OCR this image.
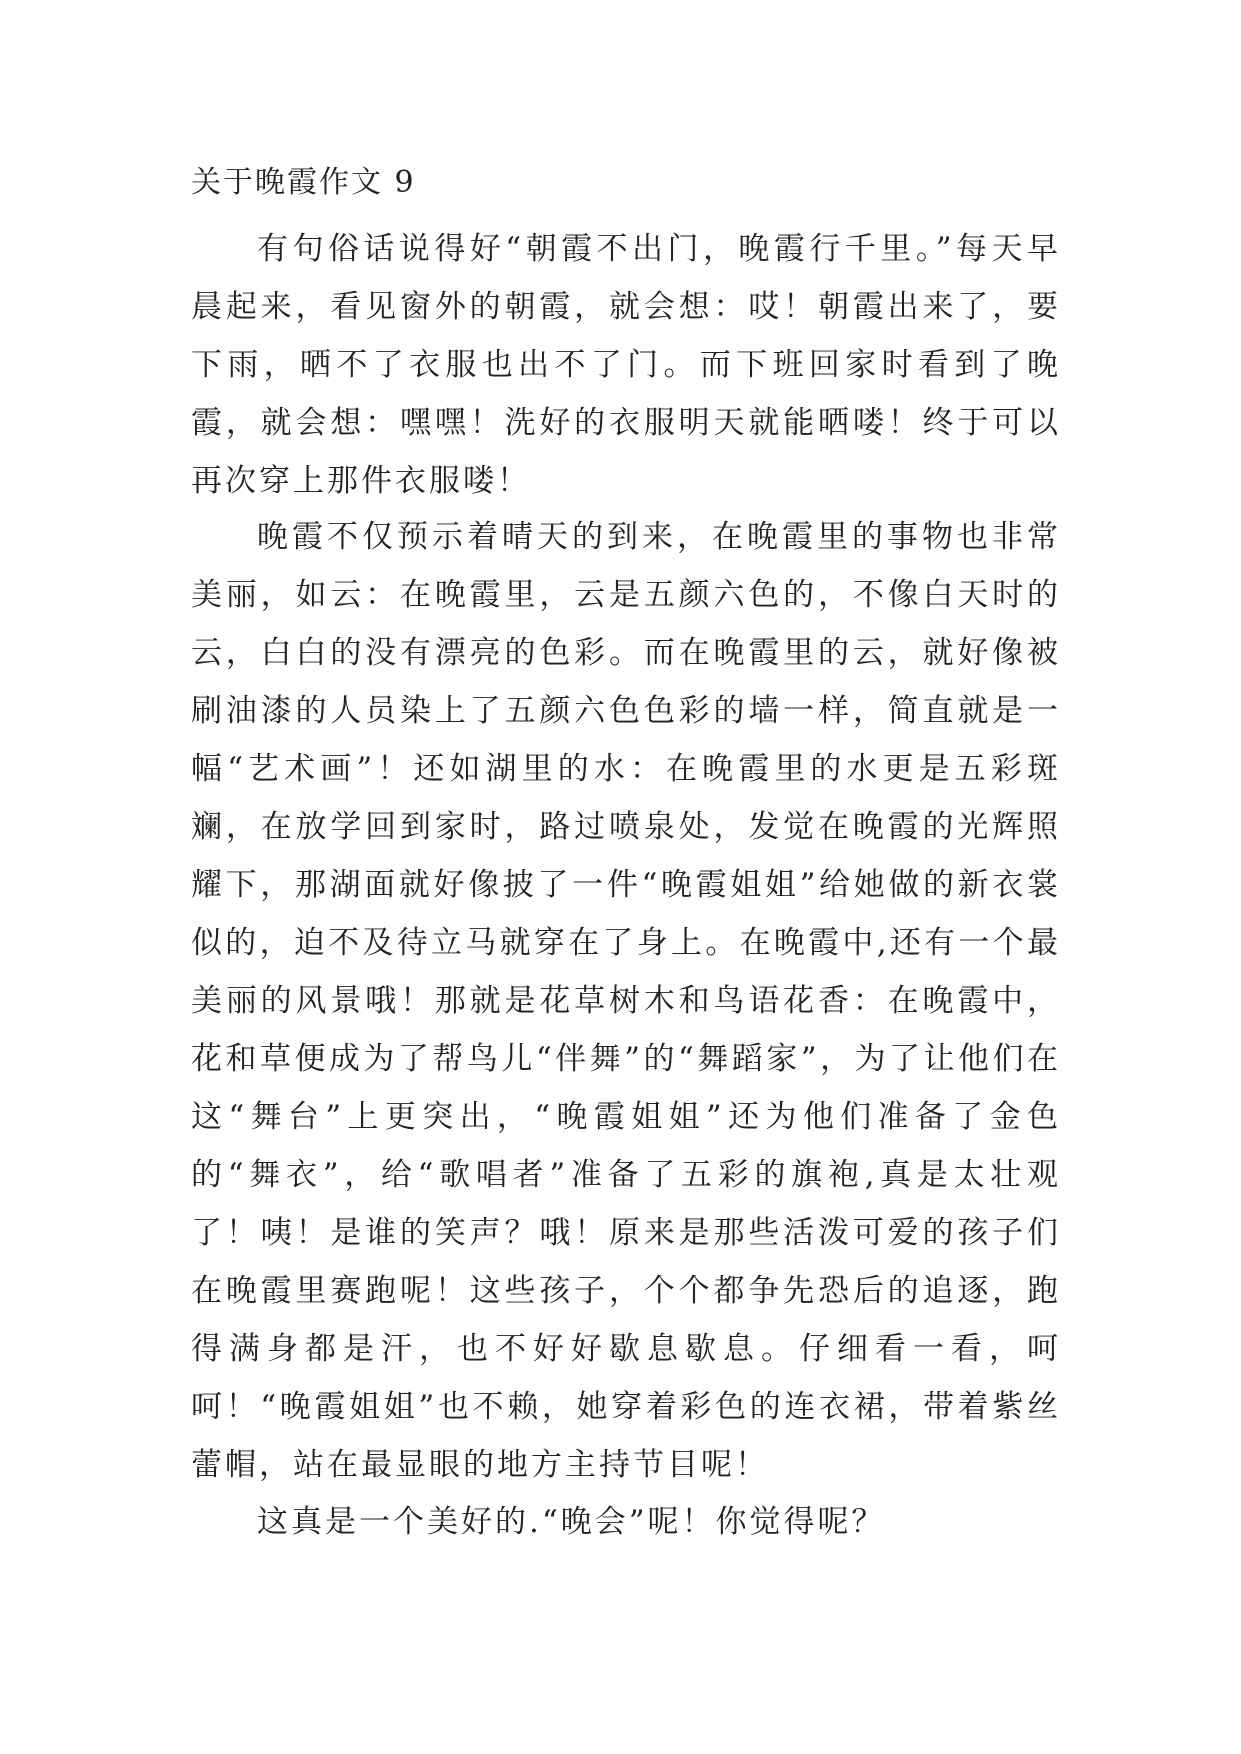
关于晚霞作文 9

有句俗话说得好“朝霞不出门，晚霞行千里。”每天早晨起来，看见窗外的朝霞，就会想：哎！朝霞出来了，要下雨，晒不了衣服也出不了门。而下班回家时看到了晚霞，就会想：嘿嘿！洗好的衣服明天就能晒喽！终于可以再次穿上那件衣服喽！

晚霞不仅预示着晴天的到来，在晚霞里的事物也非常美丽，如云：在晚霞里，云是五颜六色的，不像白天时的云，白白的没有漂亮的色彩。而在晚霞里的云，就好像被刷油漆的人员染上了五颜六色色彩的墙一样，简直就是一幅“艺术画”！还如湖里的水：在晚霞里的水更是五彩斑斓，在放学回到家时，路过喷泉处，发觉在晚霞的光辉照耀下，那湖面就好像披了一件“晚霞姐姐”给她做的新衣裳似的，迫不及待立马就穿在了身上。在晚霞中,还有一个最美丽的风景哦！那就是花草树木和鸟语花香：在晚霞中，花和草便成为了帮鸟儿“伴舞”的“舞蹈家”，为了让他们在这“舞台”上更突出，“晚霞姐姐”还为他们准备了金色的“舞衣”，给“歌唱者”准备了五彩的旗袍,真是太壮观了！咦！是谁的笑声？哦！原来是那些活泼可爱的孩子们在晚霞里赛跑呢！这些孩子，个个都争先恐后的追逐，跑得满身都是汗，也不好好歇息歇息。仔细看一看，呵呵！“晚霞姐姐”也不赖，她穿着彩色的连衣裙，带着紫丝蕾帽，站在最显眼的地方主持节目呢！

这真是一个美好的.“晚会”呢！你觉得呢？
